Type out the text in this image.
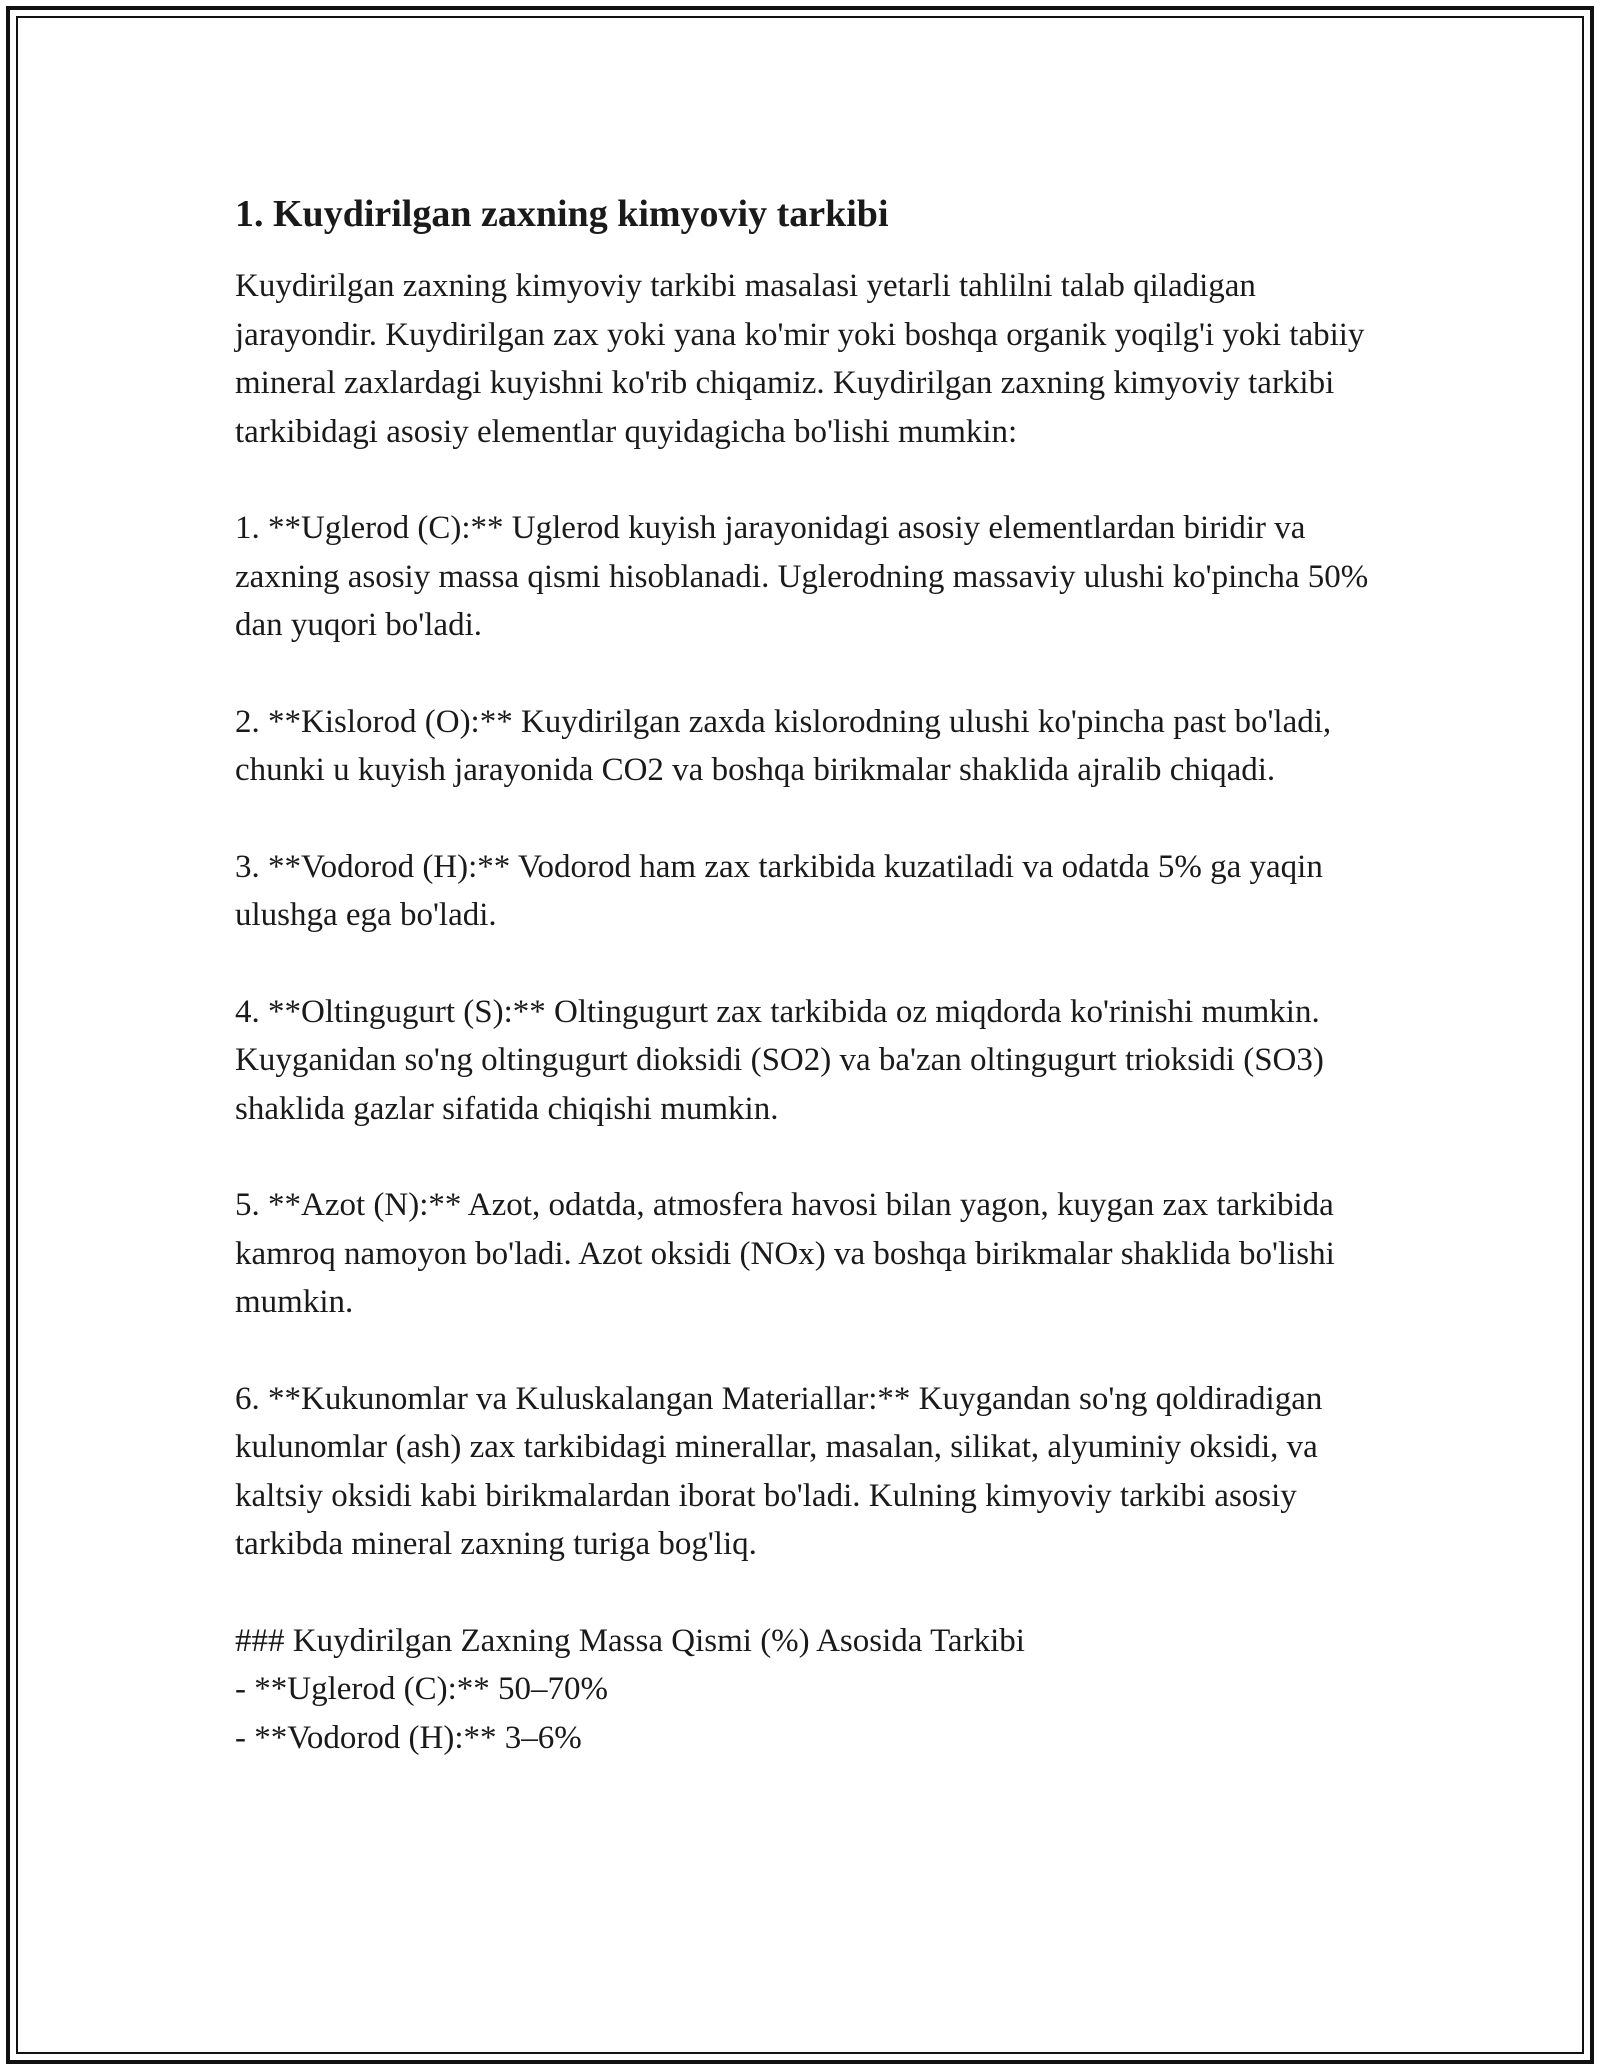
1. Kuydirilgan zaxning kimyoviy tarkibi

Kuydirilgan zaxning kimyoviy tarkibi masalasi yetarli tahlilni talab qiladigan jarayondir. Kuydirilgan zax yoki yana ko'mir yoki boshqa organik yoqilg'i yoki tabiiy mineral zaxlardagi kuyishni ko'rib chiqamiz. Kuydirilgan zaxning kimyoviy tarkibi tarkibidagi asosiy elementlar quyidagicha bo'lishi mumkin:

1. **Uglerod (C):** Uglerod kuyish jarayonidagi asosiy elementlardan biridir va zaxning asosiy massa qismi hisoblanadi. Uglerodning massaviy ulushi ko'pincha 50% dan yuqori bo'ladi.

2. **Kislorod (O):** Kuydirilgan zaxda kislorodning ulushi ko'pincha past bo'ladi, chunki u kuyish jarayonida CO2 va boshqa birikmalar shaklida ajralib chiqadi.

3. **Vodorod (H):** Vodorod ham zax tarkibida kuzatiladi va odatda 5% ga yaqin ulushga ega bo'ladi.

4. **Oltingugurt (S):** Oltingugurt zax tarkibida oz miqdorda ko'rinishi mumkin. Kuyganidan so'ng oltingugurt dioksidi (SO2) va ba'zan oltingugurt trioksidi (SO3) shaklida gazlar sifatida chiqishi mumkin.

5. **Azot (N):** Azot, odatda, atmosfera havosi bilan yagon, kuygan zax tarkibida kamroq namoyon bo'ladi. Azot oksidi (NOx) va boshqa birikmalar shaklida bo'lishi mumkin.

6. **Kukunomlar va Kuluskalangan Materiallar:** Kuygandan so'ng qoldiradigan kulunomlar (ash) zax tarkibidagi minerallar, masalan, silikat, alyuminiy oksidi, va kaltsiy oksidi kabi birikmalardan iborat bo'ladi. Kulning kimyoviy tarkibi asosiy tarkibda mineral zaxning turiga bog'liq.

### Kuydirilgan Zaxning Massa Qismi (%) Asosida Tarkibi
- **Uglerod (C):** 50–70%
- **Vodorod (H):** 3–6%
